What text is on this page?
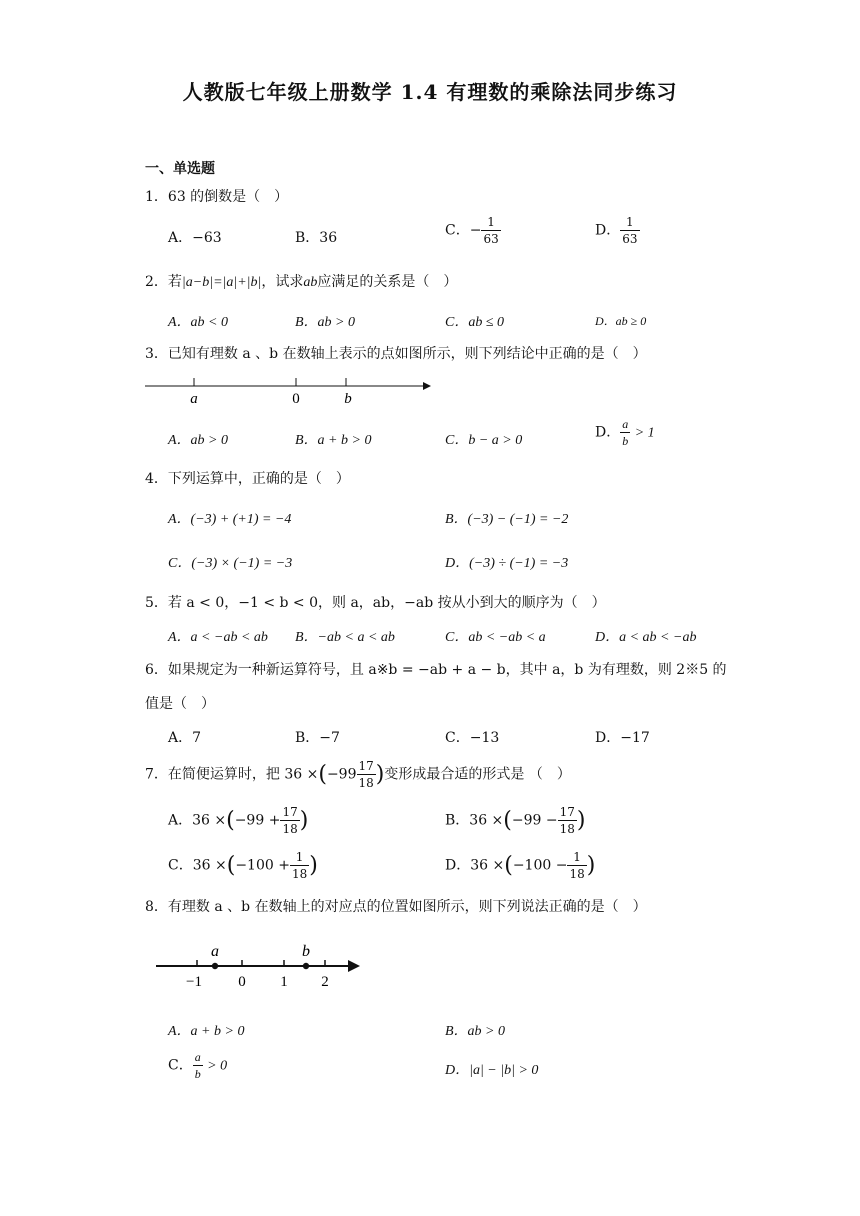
人教版七年级上册数学 1.4 有理数的乘除法同步练习
一、单选题
1．63 的倒数是（　）
A．−63	B．36	C．− $\frac{1}{63}$	D． $\frac{1}{63}$
2．若|a−b|=|a|+|b|，试求ab应满足的关系是（　）
A．ab < 0	B．ab > 0	C．ab ≤ 0	D．ab ≥ 0
3．已知有理数 a 、b 在数轴上表示的点如图所示，则下列结论中正确的是（　）
a	0	b
A．ab > 0	B．a + b > 0	C．b − a > 0	D． $\frac{a}{b} > 1$
4．下列运算中，正确的是（　）
A．(−3) + (+1) = −4	B．(−3) − (−1) = −2
C．(−3) × (−1) = −3	D．(−3) ÷ (−1) = −3
5．若 a < 0，−1 < b < 0，则 a，ab，−ab 按从小到大的顺序为（　）
A．a < −ab < ab B．−ab < a < ab	C．ab < −ab < a	D．a < ab < −ab
6．如果规定为一种新运算符号，且 a※b = −ab + a − b，其中 a，b 为有理数，则 2※5 的
值是（　）
A．7	B．−7	C．−13	D．−17
7．在简便运算时，把 $36 \times(-99 \frac{17}{18}$ )变形成最合适的形式是 （　）
A．$36 \times(-99 + \frac{17}{18}$ )	B．$36 \times(-99 - \frac{17}{18}$ )
C．$36 \times(-100 + \frac{1}{18}$ )	D．$36 \times(-100 - \frac{1}{18}$ )
8．有理数 a 、b 在数轴上的对应点的位置如图所示，则下列说法正确的是（　）
a	b
−1 0 1 2
A．a + b > 0	B．ab > 0
C． $\frac{a}{b} > 0$	D．|a| − |b| > 0
